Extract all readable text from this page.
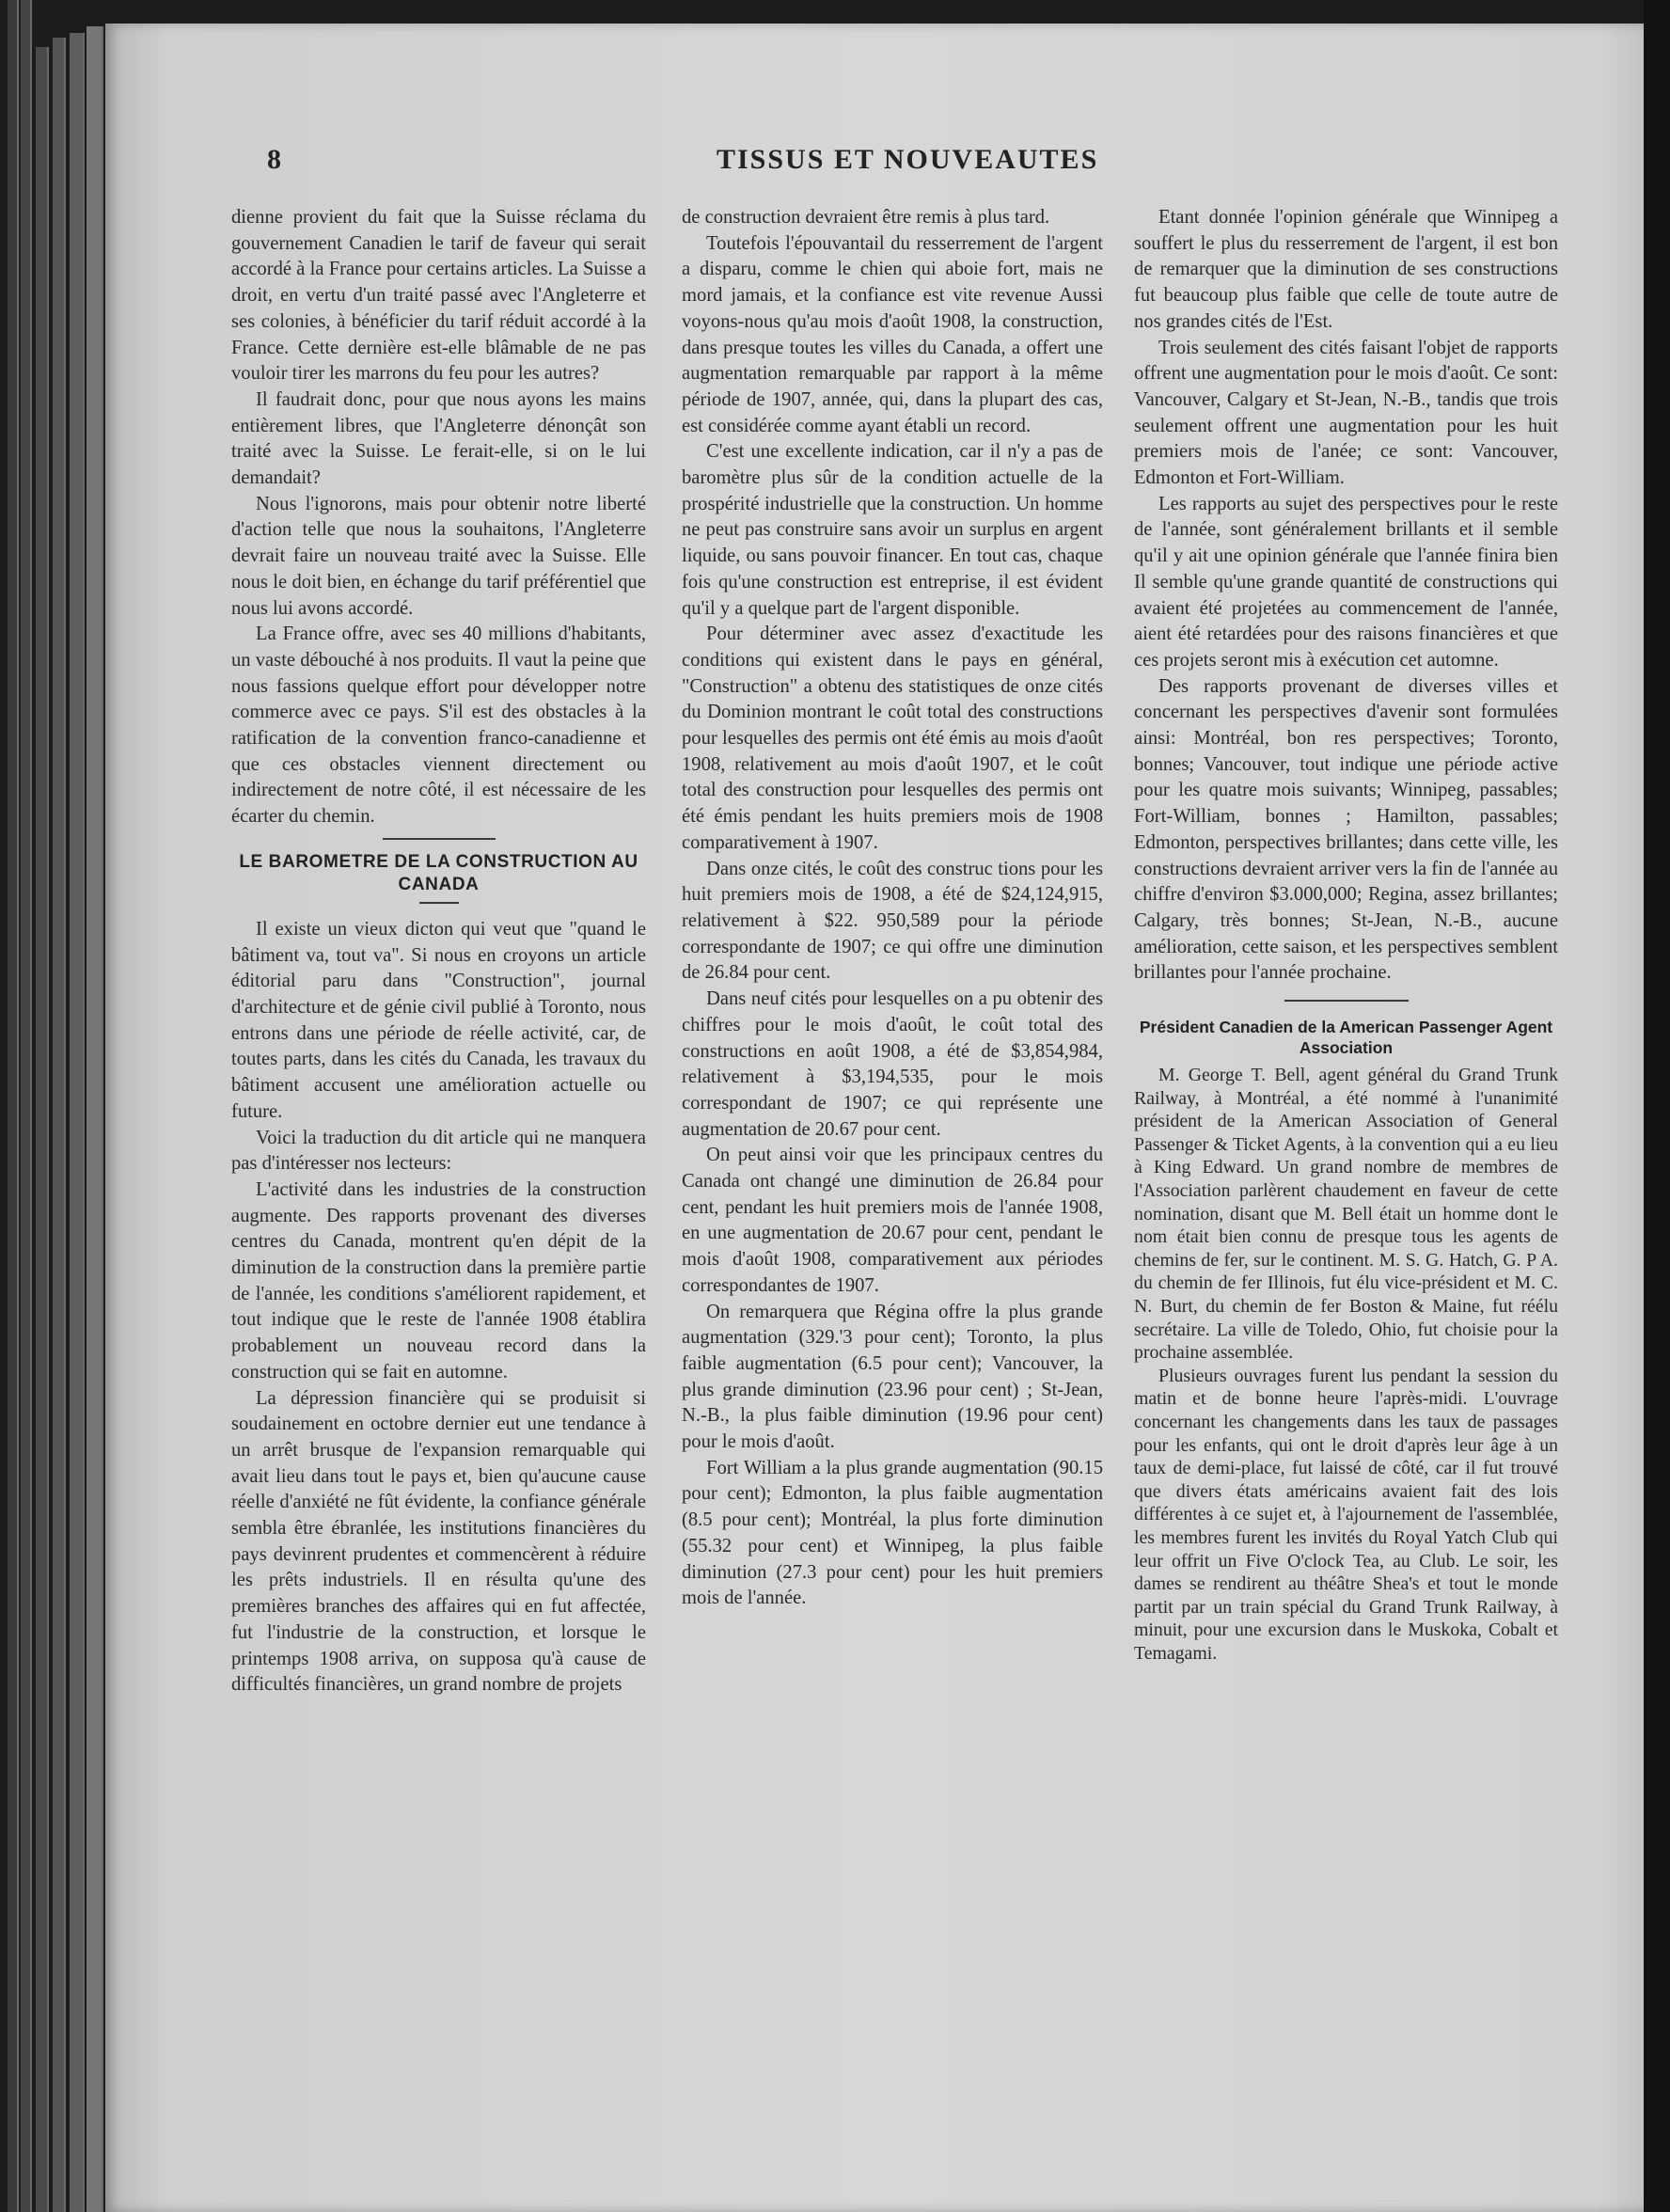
8	TISSUS ET NOUVEAUTES

dienne provient du fait que la Suisse réclama du gouvernement Canadien le tarif de faveur qui serait accordé à la France pour certains articles. La Suisse a droit, en vertu d'un traité passé avec l'Angleterre et ses colonies, à bénéficier du tarif réduit accordé à la France. Cette dernière est-elle blâmable de ne pas vouloir tirer les marrons du feu pour les autres?

Il faudrait donc, pour que nous ayons les mains entièrement libres, que l'Angleterre dénonçât son traité avec la Suisse. Le ferait-elle, si on le lui demandait?

Nous l'ignorons, mais pour obtenir notre liberté d'action telle que nous la souhaitons, l'Angleterre devrait faire un nouveau traité avec la Suisse. Elle nous le doit bien, en échange du tarif préférentiel que nous lui avons accordé.

La France offre, avec ses 40 millions d'habitants, un vaste débouché à nos produits. Il vaut la peine que nous fassions quelque effort pour développer notre commerce avec ce pays. S'il est des obstacles à la ratification de la convention franco-canadienne et que ces obstacles viennent directement ou indirectement de notre côté, il est nécessaire de les écarter du chemin.

LE BAROMETRE DE LA CONSTRUCTION AU CANADA

Il existe un vieux dicton qui veut que "quand le bâtiment va, tout va". Si nous en croyons un article éditorial paru dans "Construction", journal d'architecture et de génie civil publié à Toronto, nous entrons dans une période de réelle activité, car, de toutes parts, dans les cités du Canada, les travaux du bâtiment accusent une amélioration actuelle ou future.

Voici la traduction du dit article qui ne manquera pas d'intéresser nos lecteurs:

L'activité dans les industries de la construction augmente. Des rapports provenant des diverses centres du Canada, montrent qu'en dépit de la diminution de la construction dans la première partie de l'année, les conditions s'améliorent rapidement, et tout indique que le reste de l'année 1908 établira probablement un nouveau record dans la construction qui se fait en automne.

La dépression financière qui se produisit si soudainement en octobre dernier eut une tendance à un arrêt brusque de l'expansion remarquable qui avait lieu dans tout le pays et, bien qu'aucune cause réelle d'anxiété ne fût évidente, la confiance générale sembla être ébranlée, les institutions financières du pays devinrent prudentes et commencèrent à réduire les prêts industriels. Il en résulta qu'une des premières branches des affaires qui en fut affectée, fut l'industrie de la construction, et lorsque le printemps 1908 arriva, on supposa qu'à cause de difficultés financières, un grand nombre de projets

de construction devraient être remis à plus tard.

Toutefois l'épouvantail du resserrement de l'argent a disparu, comme le chien qui aboie fort, mais ne mord jamais, et la confiance est vite revenue Aussi voyons-nous qu'au mois d'août 1908, la construction, dans presque toutes les villes du Canada, a offert une augmentation remarquable par rapport à la même période de 1907, année, qui, dans la plupart des cas, est considérée comme ayant établi un record.

C'est une excellente indication, car il n'y a pas de baromètre plus sûr de la condition actuelle de la prospérité industrielle que la construction. Un homme ne peut pas construire sans avoir un surplus en argent liquide, ou sans pouvoir financer. En tout cas, chaque fois qu'une construction est entreprise, il est évident qu'il y a quelque part de l'argent disponible.

Pour déterminer avec assez d'exactitude les conditions qui existent dans le pays en général, "Construction" a obtenu des statistiques de onze cités du Dominion montrant le coût total des constructions pour lesquelles des permis ont été émis au mois d'août 1908, relativement au mois d'août 1907, et le coût total des construction pour lesquelles des permis ont été émis pendant les huits premiers mois de 1908 comparativement à 1907.

Dans onze cités, le coût des construc tions pour les huit premiers mois de 1908, a été de $24,124,915, relativement à $22. 950,589 pour la période correspondante de 1907; ce qui offre une diminution de 26.84 pour cent.

Dans neuf cités pour lesquelles on a pu obtenir des chiffres pour le mois d'août, le coût total des constructions en août 1908, a été de $3,854,984, relativement à $3,194,535, pour le mois correspondant de 1907; ce qui représente une augmentation de 20.67 pour cent.

On peut ainsi voir que les principaux centres du Canada ont changé une diminution de 26.84 pour cent, pendant les huit premiers mois de l'année 1908, en une augmentation de 20.67 pour cent, pendant le mois d'août 1908, comparativement aux périodes correspondantes de 1907.

On remarquera que Régina offre la plus grande augmentation (329.'3 pour cent); Toronto, la plus faible augmentation (6.5 pour cent); Vancouver, la plus grande diminution (23.96 pour cent) ; St-Jean, N.-B., la plus faible diminution (19.96 pour cent) pour le mois d'août.

Fort William a la plus grande augmentation (90.15 pour cent); Edmonton, la plus faible augmentation (8.5 pour cent); Montréal, la plus forte diminution (55.32 pour cent) et Winnipeg, la plus faible diminution (27.3 pour cent) pour les huit premiers mois de l'année.

Etant donnée l'opinion générale que Winnipeg a souffert le plus du resserrement de l'argent, il est bon de remarquer que la diminution de ses constructions fut beaucoup plus faible que celle de toute autre de nos grandes cités de l'Est.

Trois seulement des cités faisant l'objet de rapports offrent une augmentation pour le mois d'août. Ce sont: Vancouver, Calgary et St-Jean, N.-B., tandis que trois seulement offrent une augmentation pour les huit premiers mois de l'anée; ce sont: Vancouver, Edmonton et Fort-William.

Les rapports au sujet des perspectives pour le reste de l'année, sont généralement brillants et il semble qu'il y ait une opinion générale que l'année finira bien Il semble qu'une grande quantité de constructions qui avaient été projetées au commencement de l'année, aient été retardées pour des raisons financières et que ces projets seront mis à exécution cet automne.

Des rapports provenant de diverses villes et concernant les perspectives d'avenir sont formulées ainsi: Montréal, bon res perspectives; Toronto, bonnes; Vancouver, tout indique une période active pour les quatre mois suivants; Winnipeg, passables; Fort-William, bonnes ; Hamilton, passables; Edmonton, perspectives brillantes; dans cette ville, les constructions devraient arriver vers la fin de l'année au chiffre d'environ $3.000,000; Regina, assez brillantes; Calgary, très bonnes; St-Jean, N.-B., aucune amélioration, cette saison, et les perspectives semblent brillantes pour l'année prochaine.

Président Canadien de la American Passenger Agent Association

M. George T. Bell, agent général du Grand Trunk Railway, à Montréal, a été nommé à l'unanimité président de la American Association of General Passenger & Ticket Agents, à la convention qui a eu lieu à King Edward. Un grand nombre de membres de l'Association parlèrent chaudement en faveur de cette nomination, disant que M. Bell était un homme dont le nom était bien connu de presque tous les agents de chemins de fer, sur le continent. M. S. G. Hatch, G. P A. du chemin de fer Illinois, fut élu vice-président et M. C. N. Burt, du chemin de fer Boston & Maine, fut réélu secrétaire. La ville de Toledo, Ohio, fut choisie pour la prochaine assemblée.

Plusieurs ouvrages furent lus pendant la session du matin et de bonne heure l'après-midi. L'ouvrage concernant les changements dans les taux de passages pour les enfants, qui ont le droit d'après leur âge à un taux de demi-place, fut laissé de côté, car il fut trouvé que divers états américains avaient fait des lois différentes à ce sujet et, à l'ajournement de l'assemblée, les membres furent les invités du Royal Yatch Club qui leur offrit un Five O'clock Tea, au Club. Le soir, les dames se rendirent au théâtre Shea's et tout le monde partit par un train spécial du Grand Trunk Railway, à minuit, pour une excursion dans le Muskoka, Cobalt et Temagami.
